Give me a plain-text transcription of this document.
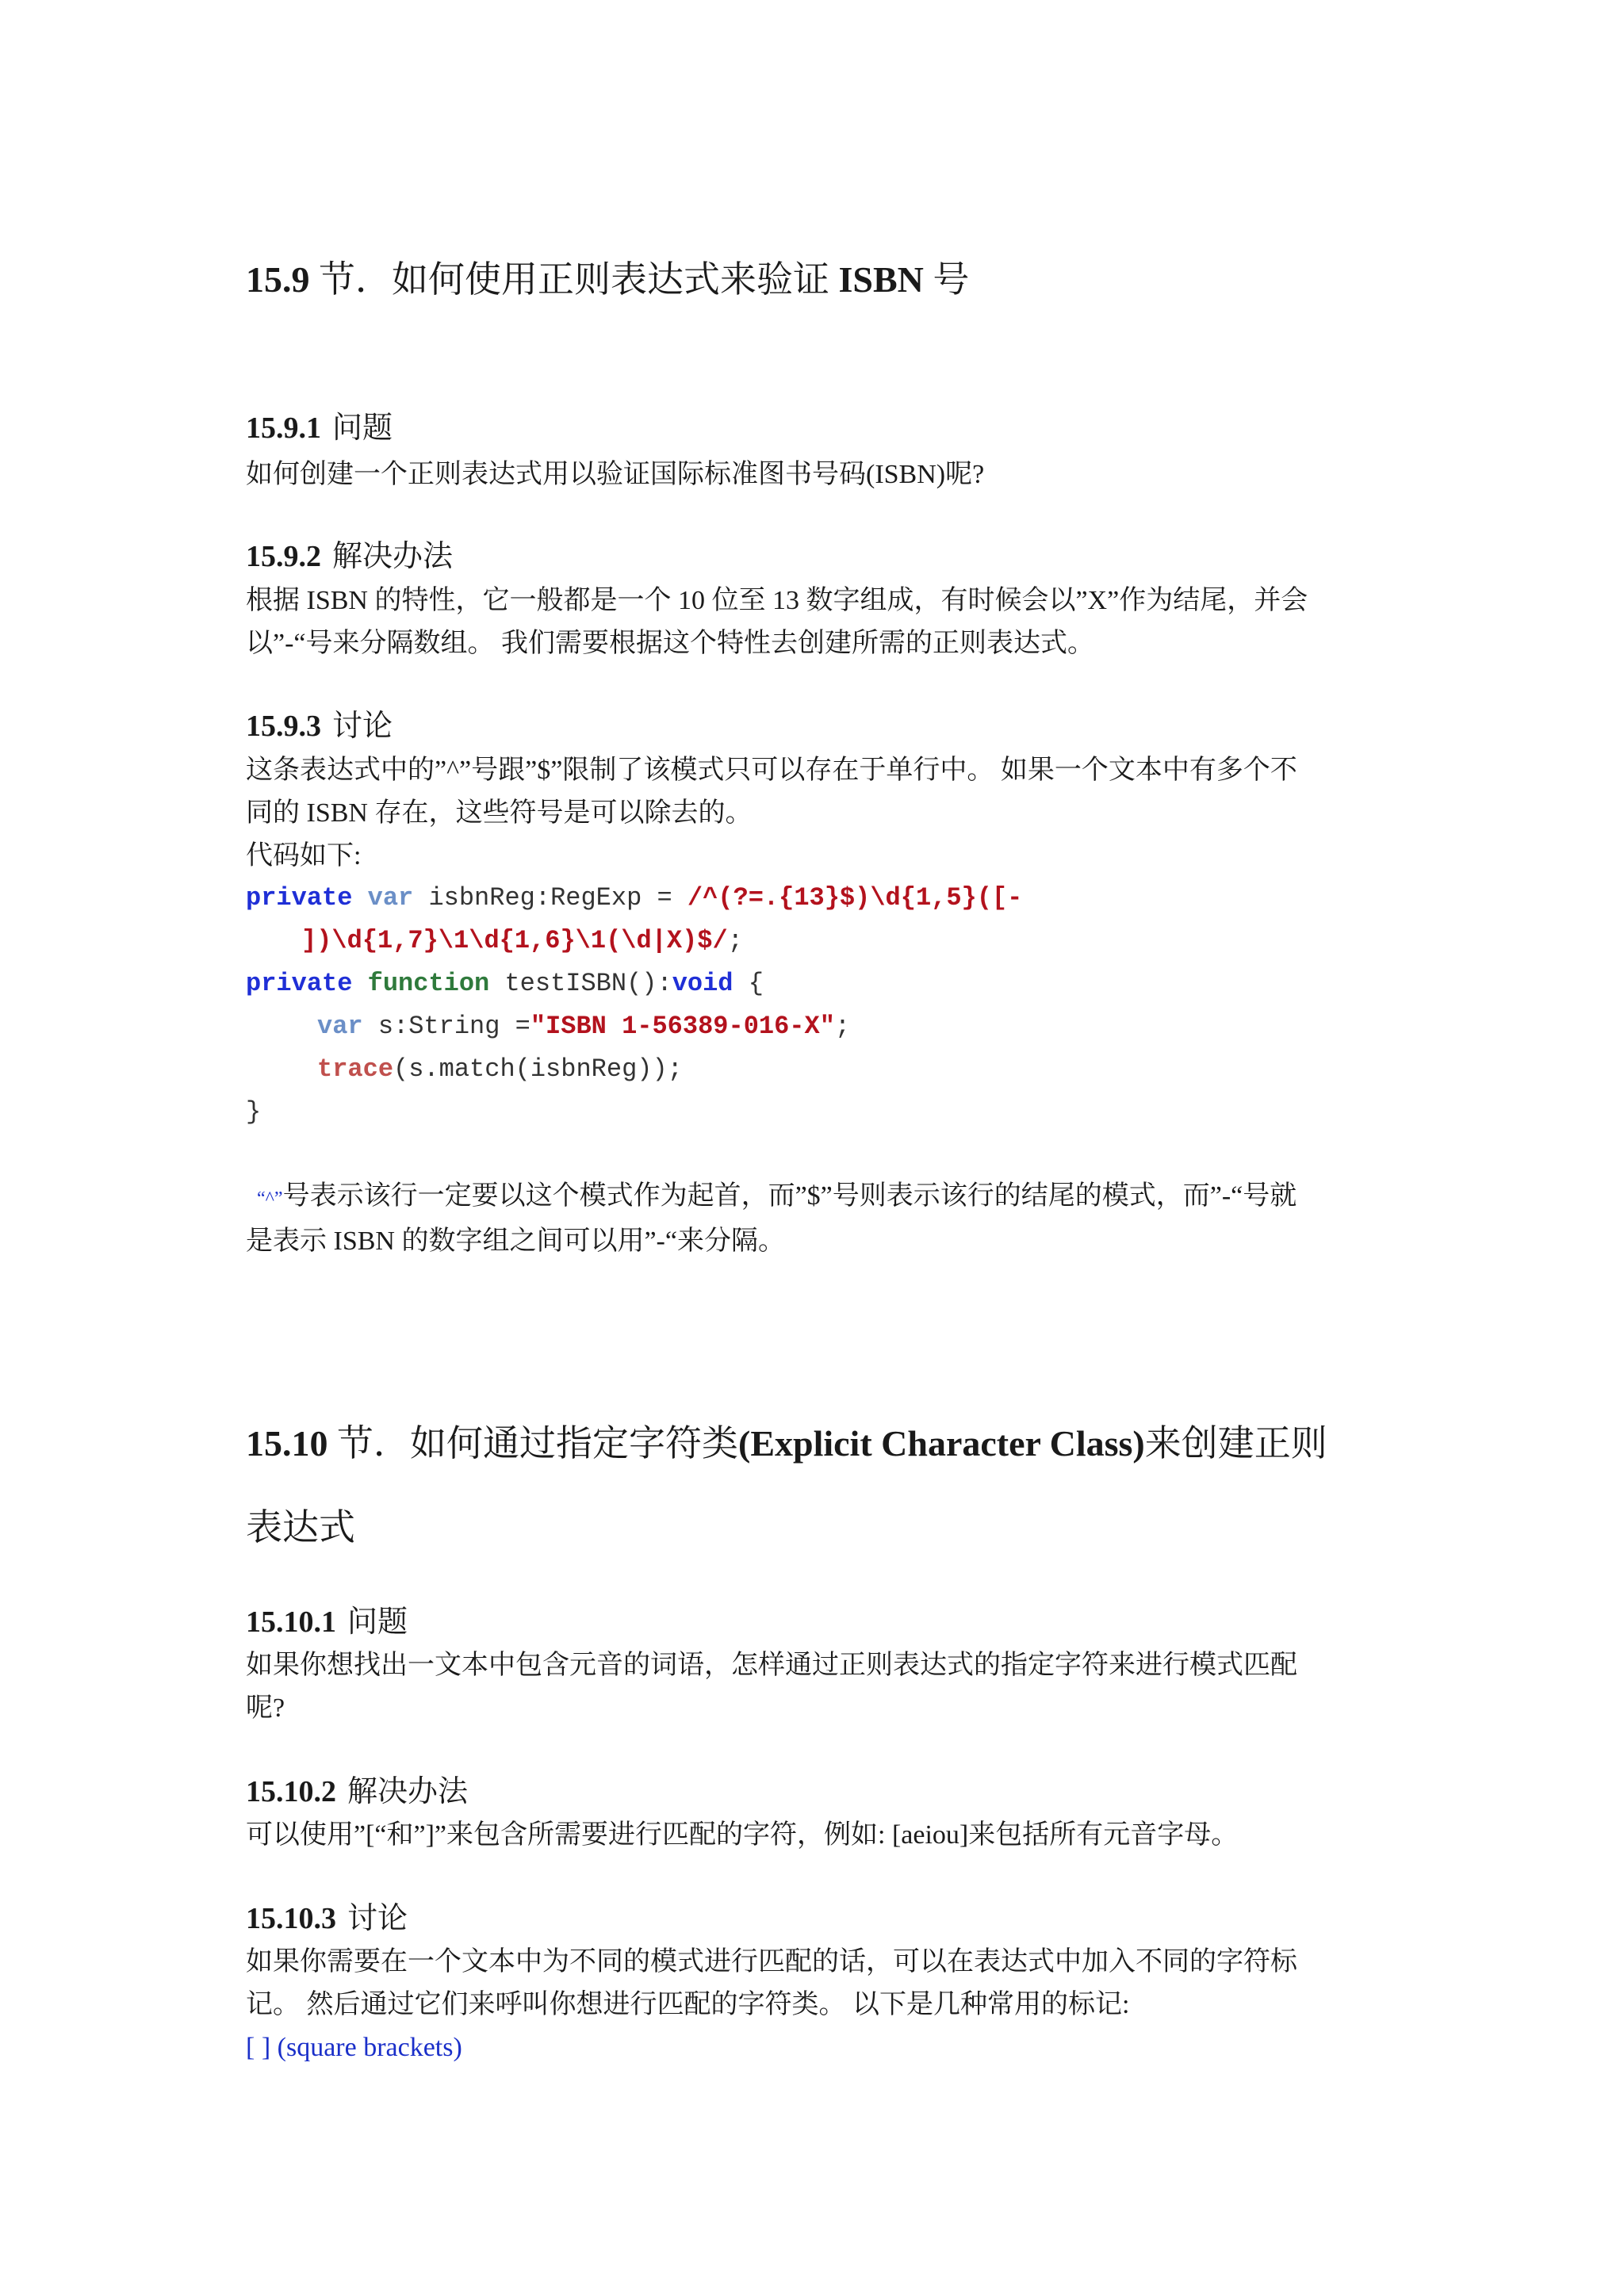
15.9 节．如何使用正则表达式来验证 ISBN 号

15.9.1 问题

如何创建一个正则表达式用以验证国际标准图书号码(ISBN)呢?

15.9.2 解决办法

根据 ISBN 的特性，它一般都是一个 10 位至 13 数字组成，有时候会以”X”作为结尾，并会

以”-“号来分隔数组。 我们需要根据这个特性去创建所需的正则表达式。

15.9.3 讨论

这条表达式中的”^”号跟”$”限制了该模式只可以存在于单行中。 如果一个文本中有多个不

同的 ISBN 存在，这些符号是可以除去的。

代码如下:

private var isbnReg:RegExp = /^(?=.{13}$)\d{1,5}([-
])\d{1,7}\1\d{1,6}\1(\d|X)$/;
private function testISBN():void {
var s:String ="ISBN 1-56389-016-X";
trace(s.match(isbnReg));
}

“^”号表示该行一定要以这个模式作为起首，而”$”号则表示该行的结尾的模式，而”-“号就

是表示 ISBN 的数字组之间可以用”-“来分隔。

15.10 节．如何通过指定字符类(Explicit Character Class)来创建正则

表达式

15.10.1 问题

如果你想找出一文本中包含元音的词语，怎样通过正则表达式的指定字符来进行模式匹配

呢?

15.10.2 解决办法

可以使用”[“和”]”来包含所需要进行匹配的字符，例如: [aeiou]来包括所有元音字母。

15.10.3 讨论

如果你需要在一个文本中为不同的模式进行匹配的话，可以在表达式中加入不同的字符标

记。 然后通过它们来呼叫你想进行匹配的字符类。 以下是几种常用的标记:

[ ] (square brackets)
